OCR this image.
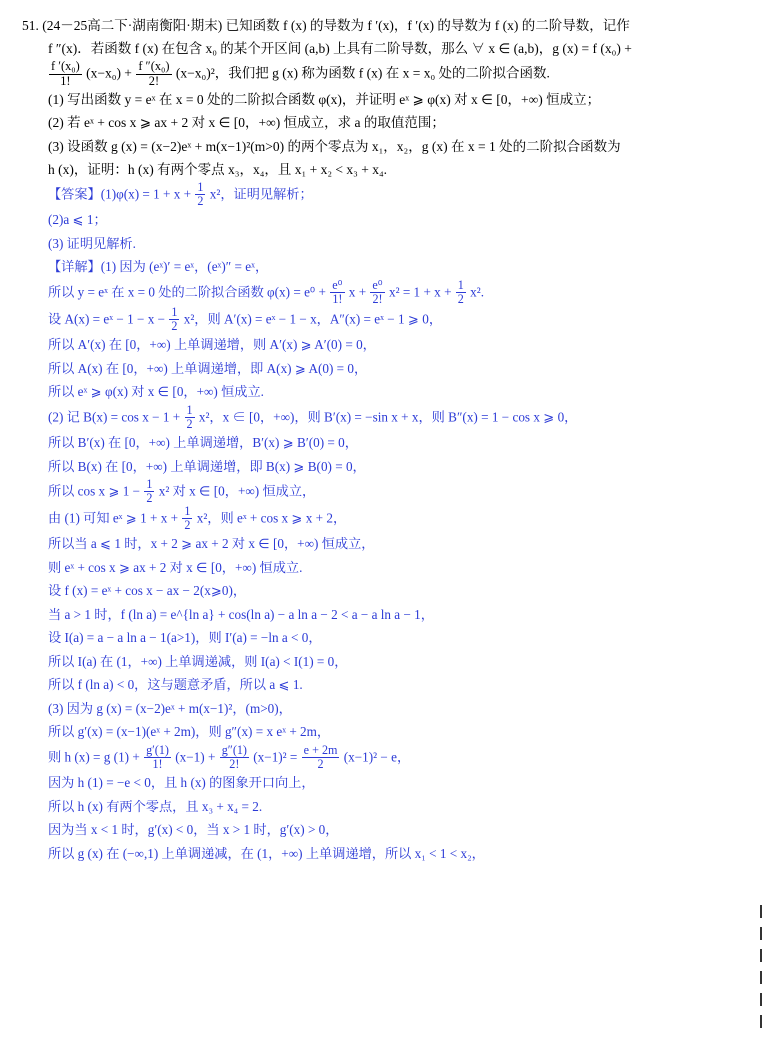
51. (24－25高二下·湖南衡阳·期末) 已知函数 f (x) 的导数为 f ′(x)，f ′(x) 的导数为 f (x) 的二阶导数，记作
f ″(x)．若函数 f (x) 在包含 x₀ 的某个开区间 (a,b) 上具有二阶导数，那么 ∀ x ∈ (a,b)，g (x) = f (x₀) +
$\frac{\text{f ′(x₀)}}{1!} (x-x_0) + \frac{\text{f ″(x₀)}}{2!} (x-x_0)^2$，我们把 g (x) 称为函数 f (x) 在 x = x₀ 处的二阶拟合函数.
(1) 写出函数 y = eˣ 在 x = 0 处的二阶拟合函数 φ(x)，并证明 eˣ ⩾ φ(x) 对 x ∈ [0，+∞) 恒成立；
(2) 若 eˣ + cos x ⩾ ax + 2 对 x ∈ [0，+∞) 恒成立，求 a 的取值范围；
(3) 设函数 g (x) = (x−2)eˣ + m(x−1)²(m>0) 的两个零点为 x₁，x₂，g (x) 在 x = 1 处的二阶拟合函数为
h (x)，证明：h (x) 有两个零点 x₃，x₄，且 x₁ + x₂ < x₃ + x₄.
【答案】$(1)\varphi(x) = 1 + x + \frac{1}{2} x^2$，证明见解析；
(2)a ⩽ 1；
(3) 证明见解析.
【详解】(1) 因为 (eˣ)′ = eˣ，(eˣ)″ = eˣ，
所以 y = eˣ 在 x = 0 处的二阶拟合函数 $\varphi(x) = e^0 + \frac{\text{e⁰}}{1!}$ $x + \frac{\text{e⁰}}{2!} x^2 = 1 + x + \frac{1}{2} x^2$.
设 A(x) = eˣ − $1 - x - \frac{1}{2} x^2$，则 A′(x) = eˣ − 1 − x，A″(x) = eˣ − 1 ⩾ 0，
所以 A′(x) 在 [0，+∞) 上单调递增，则 A′(x) ⩾ A′(0) = 0，
所以 A(x) 在 [0，+∞) 上单调递增，即 A(x) ⩾ A(0) = 0，
所以 eˣ ⩾ φ(x) 对 x ∈ [0，+∞) 恒成立.
(2) 记 $B(x) = \cos x - 1 + \frac{1}{2} x^2$，x ∈ [0，+∞)，则 B′(x) = −sin x + x，则 B″(x) = 1 − cos x ⩾ 0，
所以 B′(x) 在 [0，+∞) 上单调递增，B′(x) ⩾ B′(0) = 0，
所以 B(x) 在 [0，+∞) 上单调递增，即 B(x) ⩾ B(0) = 0，
所以 cos x ⩾ $1 - \frac{1}{2} x^2$ 对 x ∈ [0，+∞) 恒成立，
由 (1) 可知 eˣ ⩾ $1 + x + \frac{1}{2} x^2$，则 eˣ + cos x ⩾ x + 2，
所以当 a ⩽ 1 时，x + 2 ⩾ ax + 2 对 x ∈ [0，+∞) 恒成立，
则 eˣ + cos x ⩾ ax + 2 对 x ∈ [0，+∞) 恒成立.
设 f (x) = eˣ + cos x − ax − 2(x⩾0)，
当 a > 1 时，f (ln a) = e^{ln a} + cos(ln a) − a ln a − 2 < a − a ln a − 1，
设 I(a) = a − a ln a − 1(a>1)，则 I′(a) = −ln a < 0，
所以 I(a) 在 (1，+∞) 上单调递减，则 I(a) < I(1) = 0，
所以 f (ln a) < 0，这与题意矛盾，所以 a ⩽ 1.
(3) 因为 g (x) = (x−2)eˣ + m(x−1)²，(m>0)，
所以 g′(x) = (x−1)(eˣ + 2m)，则 g″(x) = x eˣ + 2m，
则 h (x) = g $(1) + \frac{g'(1)}{1!} (x-1) + \frac{g''(1)}{2!} (x-1)^2 = \frac{e + 2m}{2} (x-1)^2 - e$，
因为 h (1) = −e < 0，且 h (x) 的图象开口向上，
所以 h (x) 有两个零点，且 x₃ + x₄ = 2.
因为当 x < 1 时，g′(x) < 0，当 x > 1 时，g′(x) > 0，
所以 g (x) 在 (−∞,1) 上单调递减，在 (1，+∞) 上单调递增，所以 x₁ < 1 < x₂，
